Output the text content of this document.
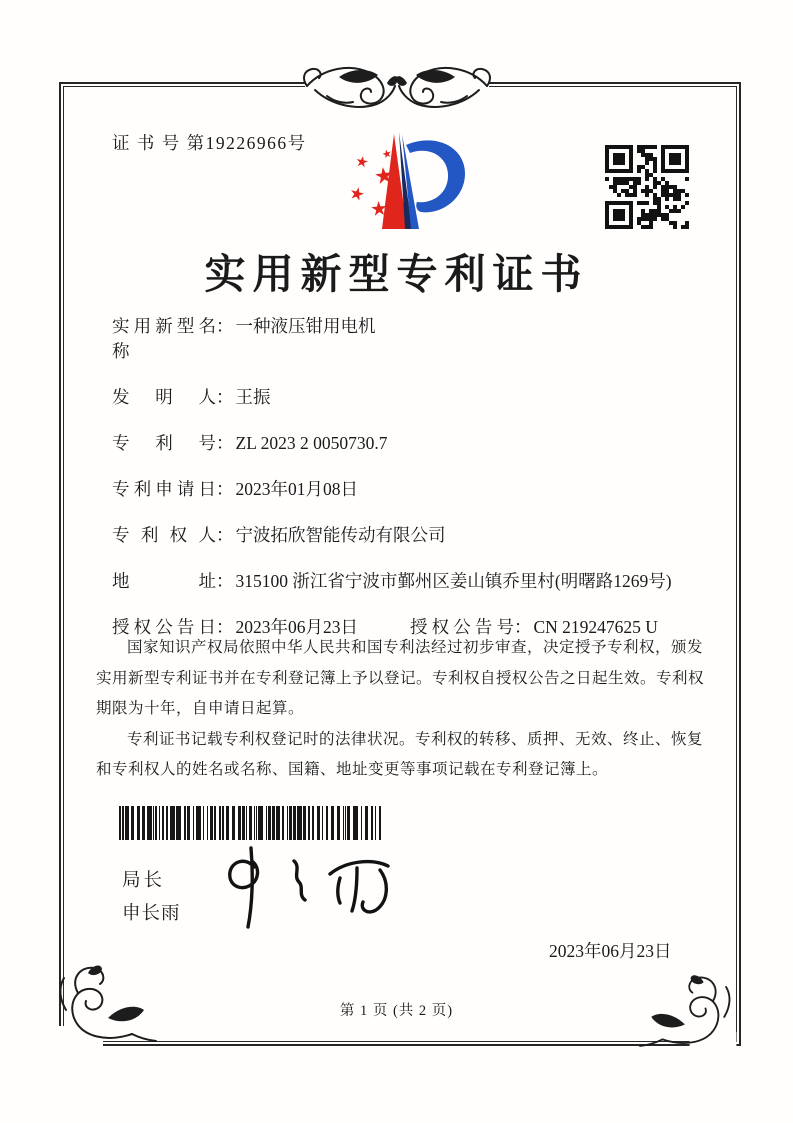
证 书 号 第19226966号
实用新型专利证书
实用新型名称
： 一种液压钳用电机
发明人 ： 王振
专利号 ： ZL 2023 2 0050730.7
专利申请日 ： 2023年01月08日
专利权人 ： 宁波拓欣智能传动有限公司
地址 ： 315100 浙江省宁波市鄞州区姜山镇乔里村(明曙路1269号)
授权公告日 ： 2023年06月23日	授权公告号 ： CN 219247625 U

国家知识产权局依照中华人民共和国专利法经过初步审查，决定授予专利权，颁发实用新型专利证书并在专利登记簿上予以登记。专利权自授权公告之日起生效。专利权期限为十年，自申请日起算。

专利证书记载专利权登记时的法律状况。专利权的转移、质押、无效、终止、恢复和专利权人的姓名或名称、国籍、地址变更等事项记载在专利登记簿上。

局长
申长雨
2023年06月23日
第 1 页 (共 2 页)
